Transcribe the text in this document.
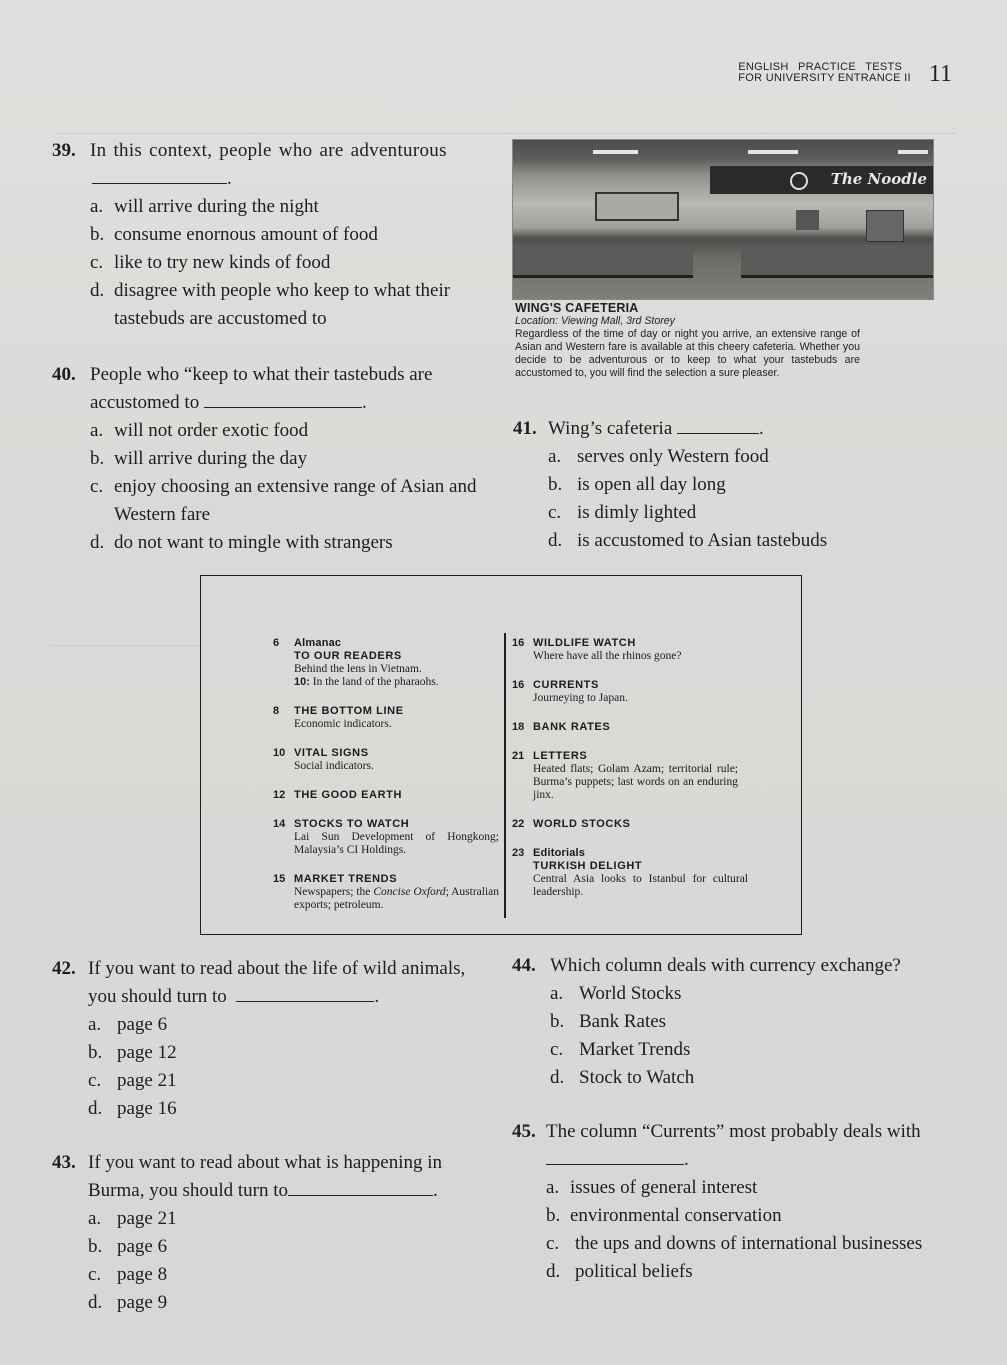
ENGLISH PRACTICE TESTS
FOR UNIVERSITY ENTRANCE II 11
39. In this context, people who are adventurous
.
a. will arrive during the night
b. consume enornous amount of food
c. like to try new kinds of food
d. disagree with people who keep to what their tastebuds are accustomed to
The Noodle
WING'S CAFETERIA
Location: Viewing Mall, 3rd Storey
Regardless of the time of day or night you arrive, an extensive range of Asian and Western fare is available at this cheery cafeteria. Whether you decide to be adventurous or to keep to what your tastebuds are accustomed to, you will find the selection a sure pleaser.
40. People who “keep to what their tastebuds are accustomed to	.
a. will not order exotic food
b. will arrive during the day
c. enjoy choosing an extensive range of Asian and Western fare
d. do not want to mingle with strangers
41. Wing’s cafeteria	.
a. serves only Western food
b. is open all day long
c. is dimly lighted
d. is accustomed to Asian tastebuds
6	Almanac
TO OUR READERS
Behind the lens in Vietnam.
10: In the land of the pharaohs.
8	THE BOTTOM LINE
Economic indicators.
10 VITAL SIGNS
Social indicators.
12 THE GOOD EARTH
14 STOCKS TO WATCH
Lai Sun Development of Hongkong; Malaysia’s CI Holdings.
15 MARKET TRENDS
Newspapers; the Concise Oxford; Australian exports; petroleum.
16 WILDLIFE WATCH
Where have all the rhinos gone?
16 CURRENTS
Journeying to Japan.
18 BANK RATES
21 LETTERS
Heated flats; Golam Azam; territorial rule; Burma’s puppets; last words on an enduring jinx.
22 WORLD STOCKS
23 Editorials
TURKISH DELIGHT
Central Asia looks to Istanbul for cultural leadership.
42. If you want to read about the life of wild animals, you should turn to	.
a. page 6
b. page 12
c. page 21
d. page 16
43. If you want to read about what is happening in Burma, you should turn to	.
a. page 21
b. page 6
c. page 8
d. page 9
44. Which column deals with currency exchange?
a. World Stocks
b. Bank Rates
c. Market Trends
d. Stock to Watch
45. The column “Currents” most probably deals with  .
a. issues of general interest
b. environmental conservation
c. the ups and downs of international businesses
d. political beliefs
